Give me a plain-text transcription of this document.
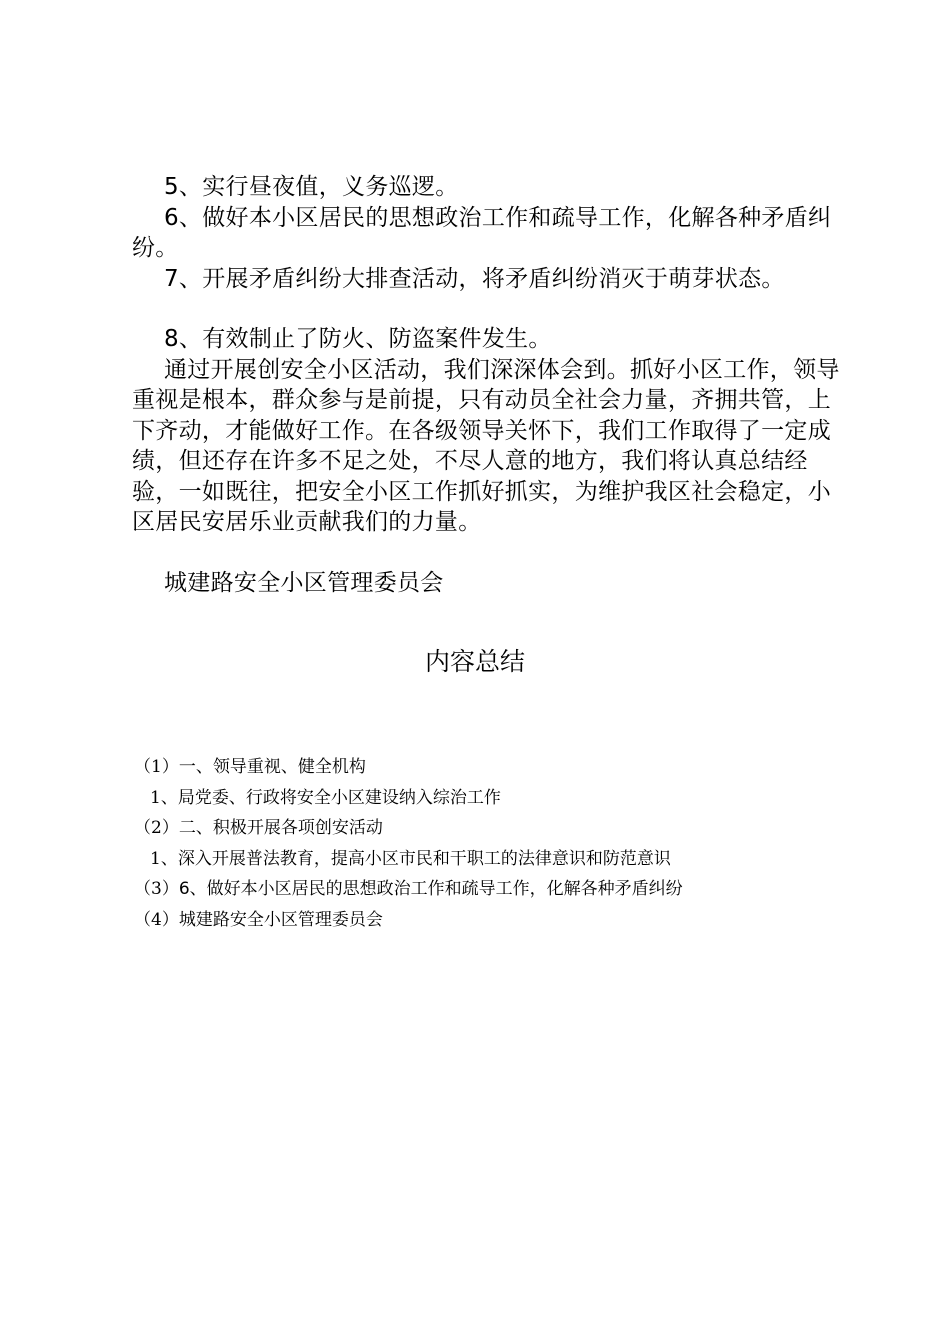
5、实行昼夜值，义务巡逻。

6、做好本小区居民的思想政治工作和疏导工作，化解各种矛盾纠纷。

7、开展矛盾纠纷大排查活动，将矛盾纠纷消灭于萌芽状态。

8、有效制止了防火、防盗案件发生。

通过开展创安全小区活动，我们深深体会到。抓好小区工作，领导重视是根本，群众参与是前提，只有动员全社会力量，齐拥共管，上下齐动，才能做好工作。在各级领导关怀下，我们工作取得了一定成绩，但还存在许多不足之处，不尽人意的地方，我们将认真总结经验，一如既往，把安全小区工作抓好抓实，为维护我区社会稳定，小区居民安居乐业贡献我们的力量。

城建路安全小区管理委员会

内容总结
（1）一、领导重视、健全机构
1、局党委、行政将安全小区建设纳入综治工作
（2）二、积极开展各项创安活动
1、深入开展普法教育，提高小区市民和干职工的法律意识和防范意识
（3）6、做好本小区居民的思想政治工作和疏导工作，化解各种矛盾纠纷
（4）城建路安全小区管理委员会
